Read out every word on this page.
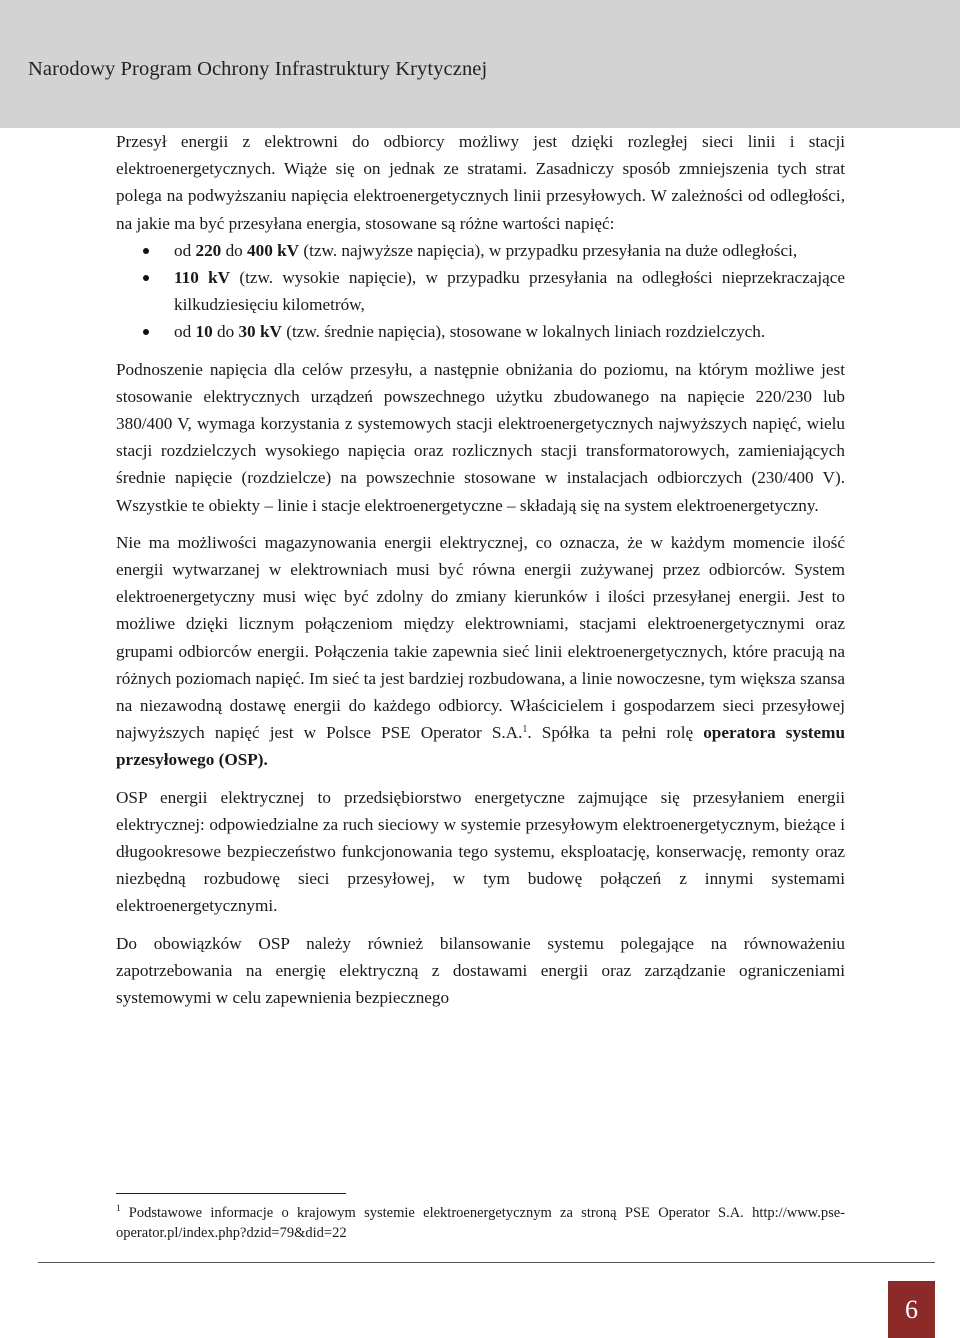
Narodowy Program Ochrony Infrastruktury Krytycznej

Przesył energii z elektrowni do odbiorcy możliwy jest dzięki rozległej sieci linii i stacji elektroenergetycznych. Wiąże się on jednak ze stratami. Zasadniczy sposób zmniejszenia tych strat polega na podwyższaniu napięcia elektroenergetycznych linii przesyłowych. W zależności od odległości, na jakie ma być przesyłana energia, stosowane są różne wartości napięć:

od 220 do 400 kV (tzw. najwyższe napięcia), w przypadku przesyłania na duże odległości,
110 kV (tzw. wysokie napięcie), w przypadku przesyłania na odległości nieprzekraczające kilkudziesięciu kilometrów,
od 10 do 30 kV (tzw. średnie napięcia), stosowane w lokalnych liniach rozdzielczych.

Podnoszenie napięcia dla celów przesyłu, a następnie obniżania do poziomu, na którym możliwe jest stosowanie elektrycznych urządzeń powszechnego użytku zbudowanego na napięcie 220/230 lub 380/400 V, wymaga korzystania z systemowych stacji elektroenergetycznych najwyższych napięć, wielu stacji rozdzielczych wysokiego napięcia oraz rozlicznych stacji transformatorowych, zamieniających średnie napięcie (rozdzielcze) na powszechnie stosowane w instalacjach odbiorczych (230/400 V). Wszystkie te obiekty – linie i stacje elektroenergetyczne – składają się na system elektroenergetyczny.

Nie ma możliwości magazynowania energii elektrycznej, co oznacza, że w każdym momencie ilość energii wytwarzanej w elektrowniach musi być równa energii zużywanej przez odbiorców. System elektroenergetyczny musi więc być zdolny do zmiany kierunków i ilości przesyłanej energii. Jest to możliwe dzięki licznym połączeniom między elektrowniami, stacjami elektroenergetycznymi oraz grupami odbiorców energii. Połączenia takie zapewnia sieć linii elektroenergetycznych, które pracują na różnych poziomach napięć. Im sieć ta jest bardziej rozbudowana, a linie nowoczesne, tym większa szansa na niezawodną dostawę energii do każdego odbiorcy. Właścicielem i gospodarzem sieci przesyłowej najwyższych napięć jest w Polsce PSE Operator S.A.$^1$. Spółka ta pełni rolę operatora systemu przesyłowego (OSP).

OSP energii elektrycznej to przedsiębiorstwo energetyczne zajmujące się przesyłaniem energii elektrycznej: odpowiedzialne za ruch sieciowy w systemie przesyłowym elektroenergetycznym, bieżące i długookresowe bezpieczeństwo funkcjonowania tego systemu, eksploatację, konserwację, remonty oraz niezbędną rozbudowę sieci przesyłowej, w tym budowę połączeń z innymi systemami elektroenergetycznymi.

Do obowiązków OSP należy również bilansowanie systemu polegające na równoważeniu zapotrzebowania na energię elektryczną z dostawami energii oraz zarządzanie ograniczeniami systemowymi w celu zapewnienia bezpiecznego

$^1$ Podstawowe informacje o krajowym systemie elektroenergetycznym za stroną PSE Operator S.A. http://www.pse-operator.pl/index.php?dzid=79&did=22
6
